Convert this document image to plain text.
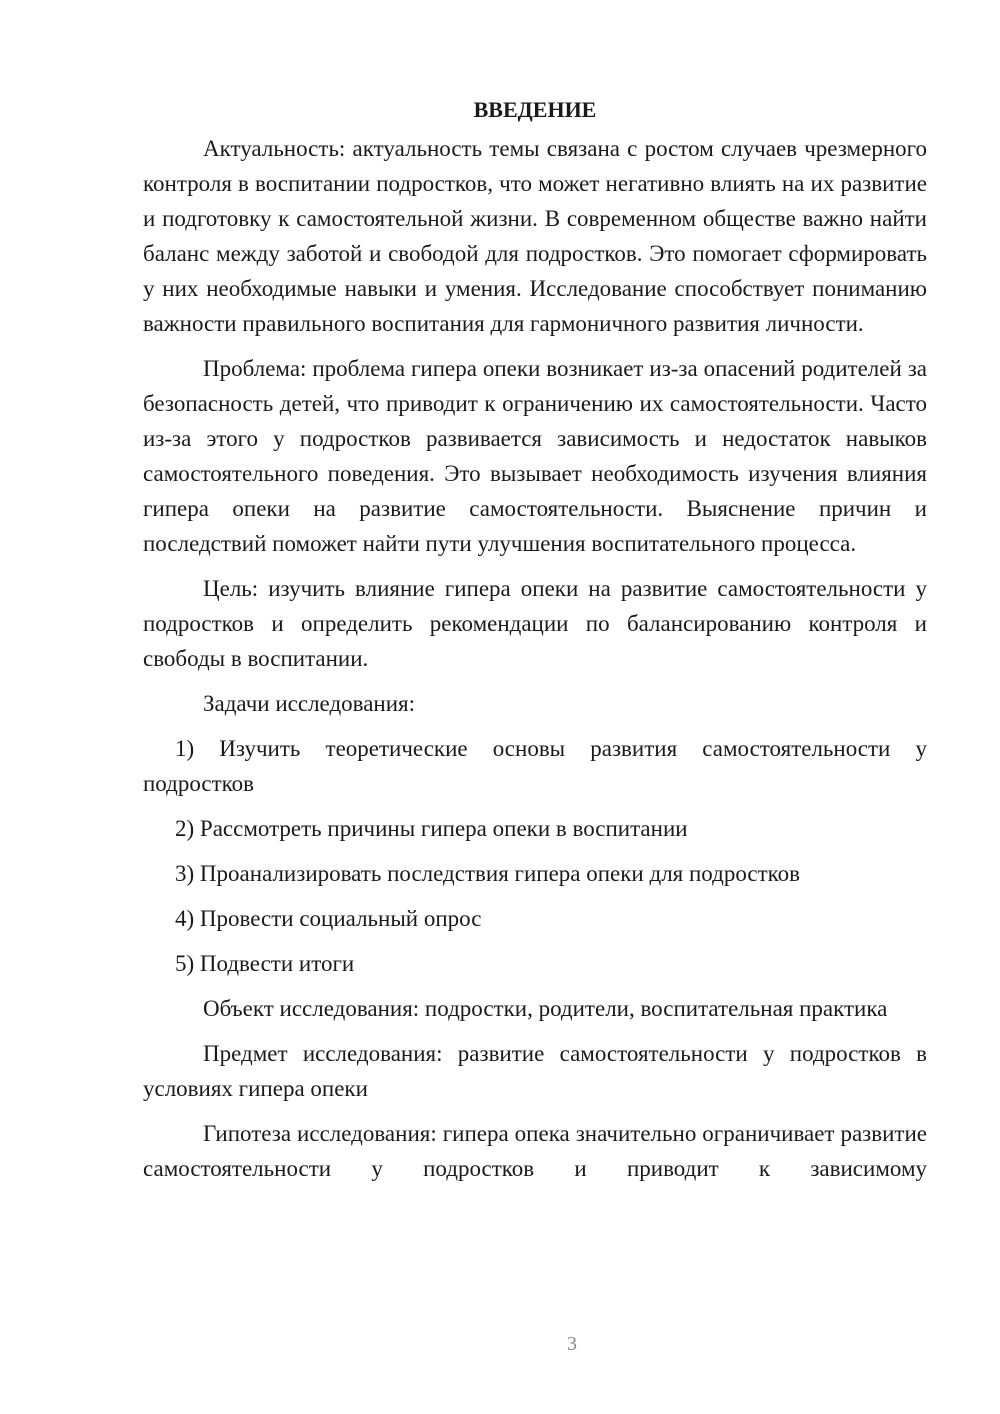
ВВЕДЕНИЕ

Актуальность: актуальность темы связана с ростом случаев чрезмерного контроля в воспитании подростков, что может негативно влиять на их развитие и подготовку к самостоятельной жизни. В современном обществе важно найти баланс между заботой и свободой для подростков. Это помогает сформировать у них необходимые навыки и умения. Исследование способствует пониманию важности правильного воспитания для гармоничного развития личности.

Проблема: проблема гипера опеки возникает из-за опасений родителей за безопасность детей, что приводит к ограничению их самостоятельности. Часто из-за этого у подростков развивается зависимость и недостаток навыков самостоятельного поведения. Это вызывает необходимость изучения влияния гипера опеки на развитие самостоятельности. Выяснение причин и последствий поможет найти пути улучшения воспитательного процесса.

Цель: изучить влияние гипера опеки на развитие самостоятельности у подростков и определить рекомендации по балансированию контроля и свободы в воспитании.

Задачи исследования:

1) Изучить теоретические основы развития самостоятельности у подростков

2) Рассмотреть причины гипера опеки в воспитании

3) Проанализировать последствия гипера опеки для подростков

4) Провести социальный опрос

5) Подвести итоги

Объект исследования: подростки, родители, воспитательная практика

Предмет исследования: развитие самостоятельности у подростков в условиях гипера опеки

Гипотеза исследования: гипера опека значительно ограничивает развитие самостоятельности у подростков и приводит к зависимому

3
